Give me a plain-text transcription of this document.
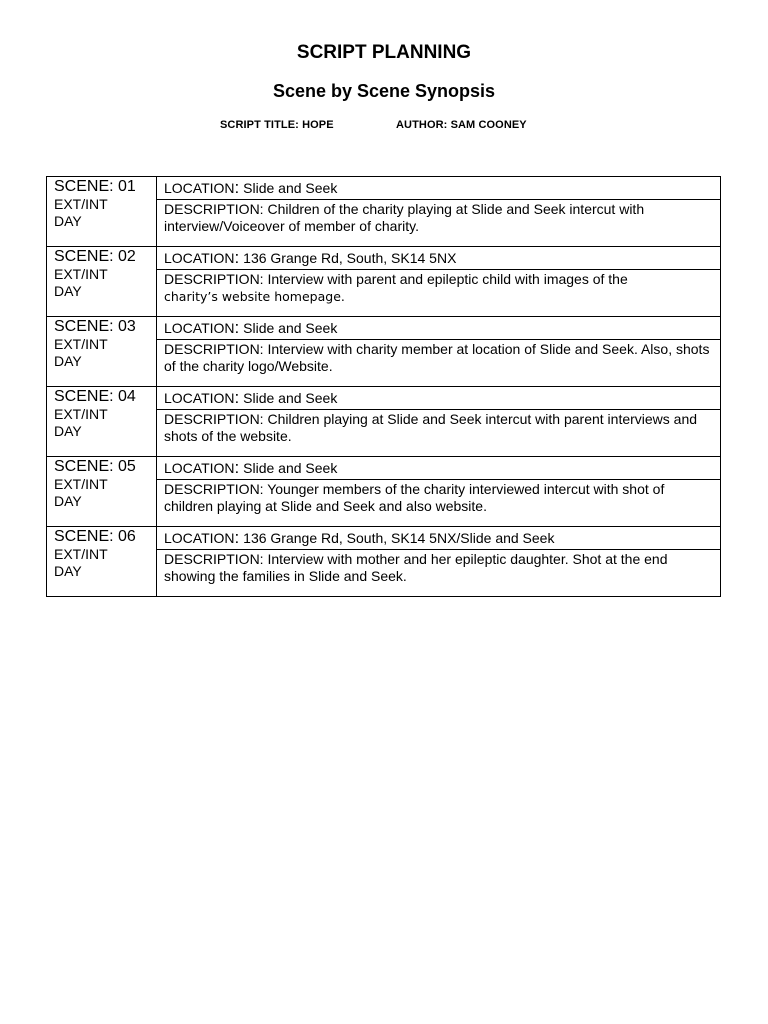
SCRIPT PLANNING
Scene by Scene Synopsis
SCRIPT TITLE: HOPE	AUTHOR: SAM COONEY
SCENE: 01
EXT/INT
DAY	LOCATION: Slide and Seek
	DESCRIPTION: Children of the charity playing at Slide and Seek intercut with interview/Voiceover of member of charity.

SCENE: 02
EXT/INT
DAY	LOCATION: 136 Grange Rd, South, SK14 5NX
	DESCRIPTION: Interview with parent and epileptic child with images of the
charity’s website homepage.

SCENE: 03
EXT/INT
DAY	LOCATION: Slide and Seek
	DESCRIPTION: Interview with charity member at location of Slide and Seek. Also, shots of the charity logo/Website.

SCENE: 04
EXT/INT
DAY	LOCATION: Slide and Seek
	DESCRIPTION: Children playing at Slide and Seek intercut with parent interviews and shots of the website.

SCENE: 05
EXT/INT
DAY	LOCATION: Slide and Seek
	DESCRIPTION: Younger members of the charity interviewed intercut with shot of children playing at Slide and Seek and also website.

SCENE: 06
EXT/INT
DAY	LOCATION: 136 Grange Rd, South, SK14 5NX/Slide and Seek
	DESCRIPTION: Interview with mother and her epileptic daughter. Shot at the end showing the families in Slide and Seek.
